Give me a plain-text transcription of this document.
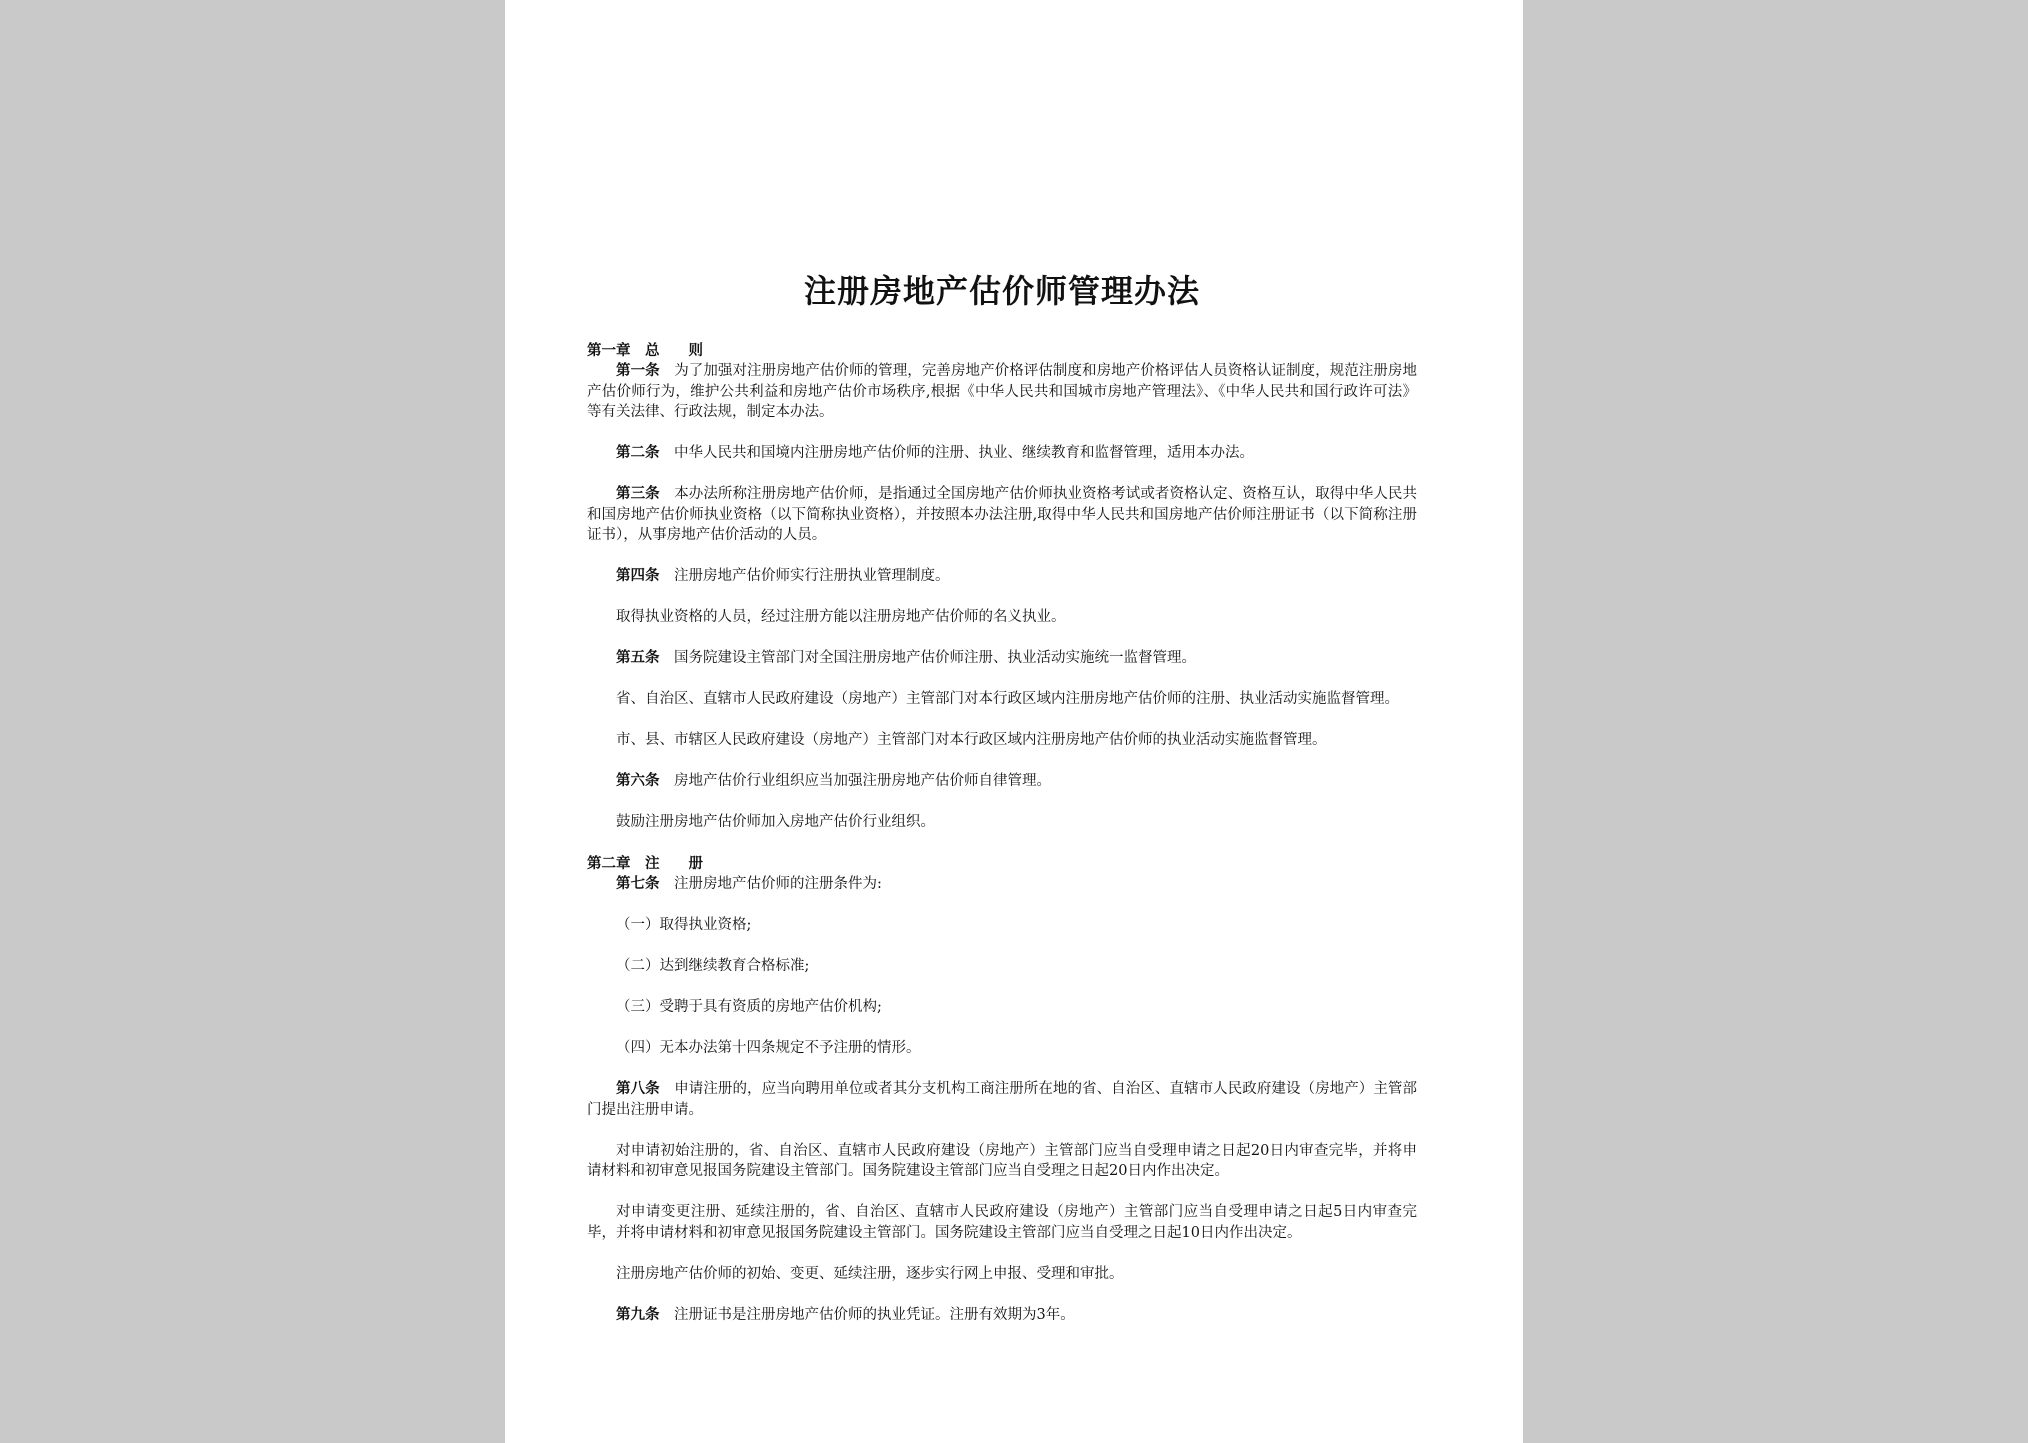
注册房地产估价师管理办法

第一章　总　　则

第一条 为了加强对注册房地产估价师的管理，完善房地产价格评估制度和房地产价格评估人员资格认证制度，规范注册房地产估价师行为，维护公共利益和房地产估价市场秩序,根据《中华人民共和国城市房地产管理法》、《中华人民共和国行政许可法》等有关法律、行政法规，制定本办法。

第二条 中华人民共和国境内注册房地产估价师的注册、执业、继续教育和监督管理，适用本办法。

第三条 本办法所称注册房地产估价师，是指通过全国房地产估价师执业资格考试或者资格认定、资格互认，取得中华人民共和国房地产估价师执业资格（以下简称执业资格），并按照本办法注册,取得中华人民共和国房地产估价师注册证书（以下简称注册证书），从事房地产估价活动的人员。

第四条 注册房地产估价师实行注册执业管理制度。

取得执业资格的人员，经过注册方能以注册房地产估价师的名义执业。

第五条 国务院建设主管部门对全国注册房地产估价师注册、执业活动实施统一监督管理。

省、自治区、直辖市人民政府建设（房地产）主管部门对本行政区域内注册房地产估价师的注册、执业活动实施监督管理。

市、县、市辖区人民政府建设（房地产）主管部门对本行政区域内注册房地产估价师的执业活动实施监督管理。

第六条 房地产估价行业组织应当加强注册房地产估价师自律管理。

鼓励注册房地产估价师加入房地产估价行业组织。

第二章　注　　册

第七条 注册房地产估价师的注册条件为:

（一）取得执业资格;

（二）达到继续教育合格标准;

（三）受聘于具有资质的房地产估价机构;

（四）无本办法第十四条规定不予注册的情形。

第八条 申请注册的，应当向聘用单位或者其分支机构工商注册所在地的省、自治区、直辖市人民政府建设（房地产）主管部门提出注册申请。

对申请初始注册的，省、自治区、直辖市人民政府建设（房地产）主管部门应当自受理申请之日起20日内审查完毕，并将申请材料和初审意见报国务院建设主管部门。国务院建设主管部门应当自受理之日起20日内作出决定。

对申请变更注册、延续注册的，省、自治区、直辖市人民政府建设（房地产）主管部门应当自受理申请之日起5日内审查完毕，并将申请材料和初审意见报国务院建设主管部门。国务院建设主管部门应当自受理之日起10日内作出决定。

注册房地产估价师的初始、变更、延续注册，逐步实行网上申报、受理和审批。

第九条 注册证书是注册房地产估价师的执业凭证。注册有效期为3年。
